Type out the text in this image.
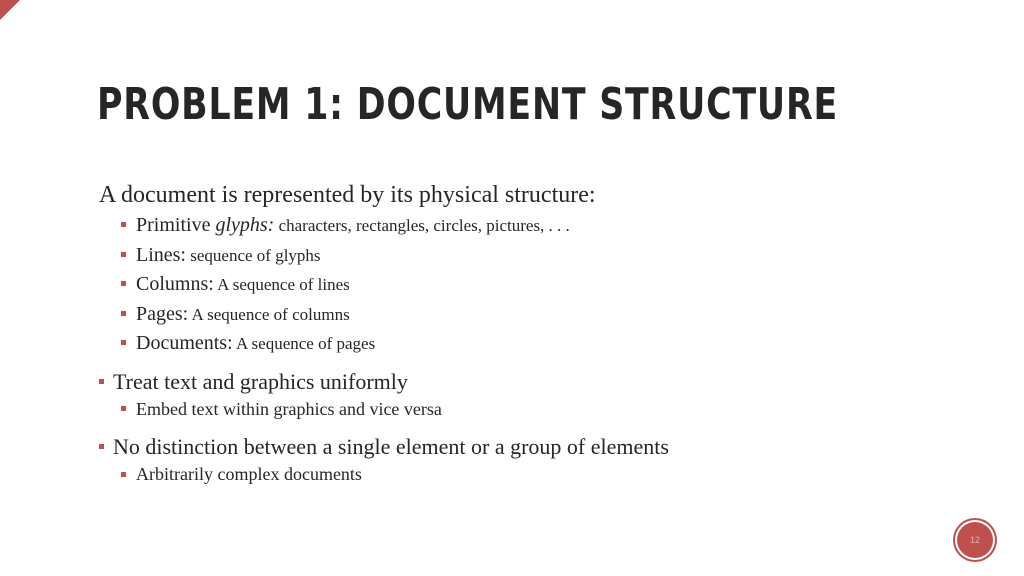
PROBLEM 1: DOCUMENT STRUCTURE
A document is represented by its physical structure:
Primitive glyphs: characters, rectangles, circles, pictures, . . .
Lines: sequence of glyphs
Columns: A sequence of lines
Pages: A sequence of columns
Documents: A sequence of pages
Treat text and graphics uniformly
Embed text within graphics and vice versa
No distinction between a single element or a group of elements
Arbitrarily complex documents
12
